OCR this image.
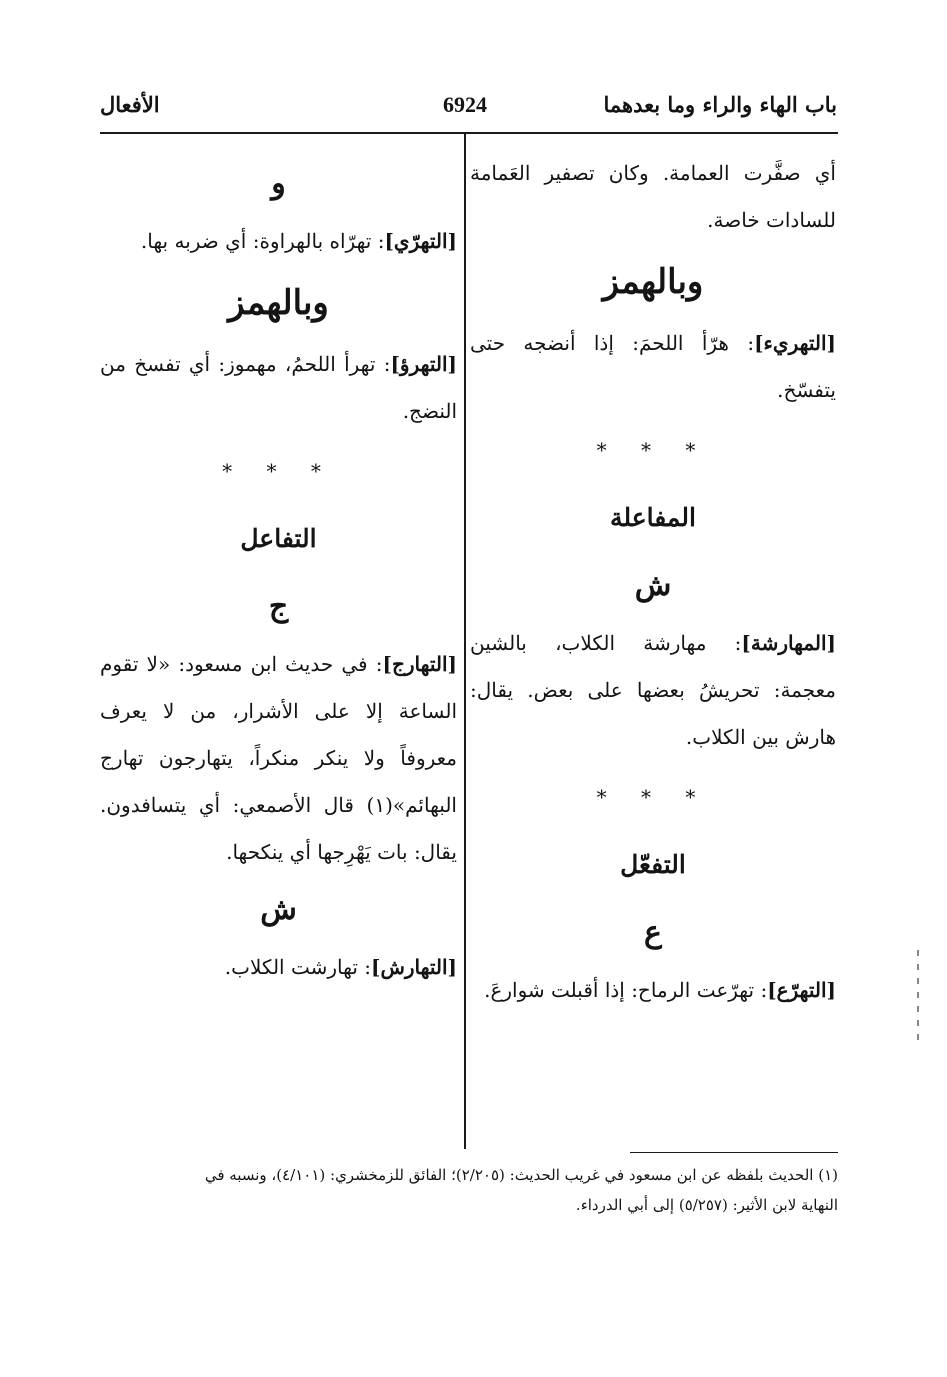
باب الهاء والراء وما بعدهما
6924
الأفعال

أي صفَّرت العمامة. وكان تصفير العَمامة للسادات خاصة.

وبالهمز

[التهريء]: هرّأ اللحمَ: إذا أنضجه حتى يتفسّخ.

* * *
المفاعلة
ش

[المهارشة]: مهارشة الكلاب، بالشين معجمة: تحريشُ بعضها على بعض. يقال: هارش بين الكلاب.

* * *
التفعّل
ع

[التهرّع]: تهرّعت الرماح: إذا أقبلت شوارعَ.

و

[التهرّي]: تهرّاه بالهراوة: أي ضربه بها.

وبالهمز

[التهرؤ]: تهرأ اللحمُ، مهموز: أي تفسخ من النضج.

* * *
التفاعل
ج

[التهارج]: في حديث ابن مسعود: «لا تقوم الساعة إلا على الأشرار، من لا يعرف معروفاً ولا ينكر منكراً، يتهارجون تهارج البهائم»(١) قال الأصمعي: أي يتسافدون. يقال: بات يَهْرِجها أي ينكحها.

ش

[التهارش]: تهارشت الكلاب.

(١) الحديث بلفظه عن ابن مسعود في غريب الحديث: (٢/٢٠٥)؛ الفائق للزمخشري: (٤/١٠١)، ونسبه في

النهاية لابن الأثير: (٥/٢٥٧) إلى أبي الدرداء.
